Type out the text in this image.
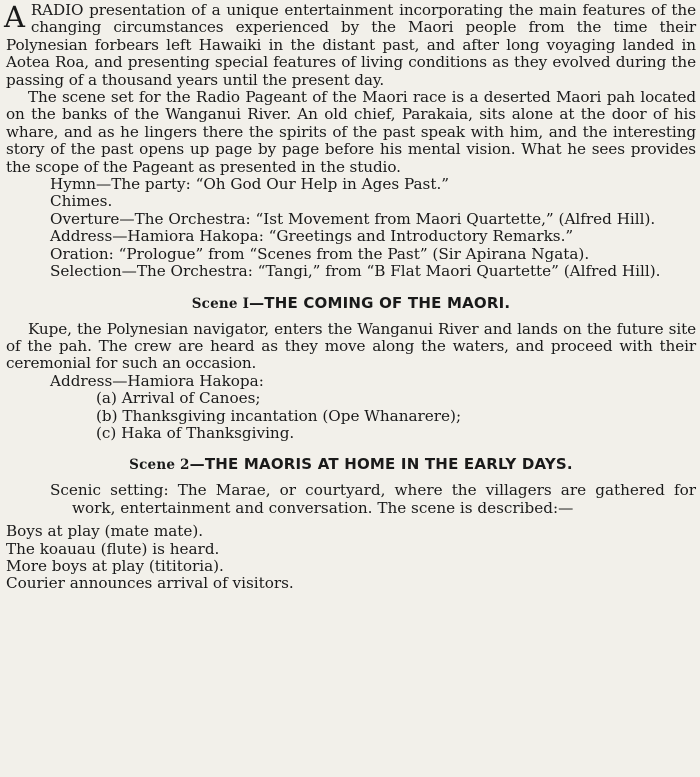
ARADIO presentation of a unique entertainment incorporating the main features of the changing circumstances experienced by the Maori people from the time their Polynesian forbears left Hawaiki in the distant past, and after long voyaging landed in Aotea Roa, and presenting special features of living conditions as they evolved during the passing of a thousand years until the present day.

The scene set for the Radio Pageant of the Maori race is a deserted Maori pah located on the banks of the Wanganui River. An old chief, Parakaia, sits alone at the door of his whare, and as he lingers there the spirits of the past speak with him, and the interesting story of the past opens up page by page before his mental vision. What he sees provides the scope of the Pageant as presented in the studio.

Hymn—The party: “Oh God Our Help in Ages Past.”
Chimes.
Overture—The Orchestra: “Ist Movement from Maori Quartette,” (Alfred Hill).
Address—Hamiora Hakopa: “Greetings and Introductory Remarks.”
Oration: “Prologue” from “Scenes from the Past” (Sir Apirana Ngata).
Selection—The Orchestra: “Tangi,” from “B Flat Maori Quartette” (Alfred Hill).
Scene I—THE COMING OF THE MAORI.

Kupe, the Polynesian navigator, enters the Wanganui River and lands on the future site of the pah. The crew are heard as they move along the waters, and proceed with their ceremonial for such an occasion.

Address—Hamiora Hakopa:
(a) Arrival of Canoes;
(b) Thanksgiving incantation (Ope Whanarere);
(c) Haka of Thanksgiving.
Scene 2—THE MAORIS AT HOME IN THE EARLY DAYS.
Scenic setting: The Marae, or courtyard, where the villagers are gathered for work, entertainment and conversation. The scene is described:—
Boys at play (mate mate).
The koauau (flute) is heard.
More boys at play (tititoria).
Courier announces arrival of visitors.
